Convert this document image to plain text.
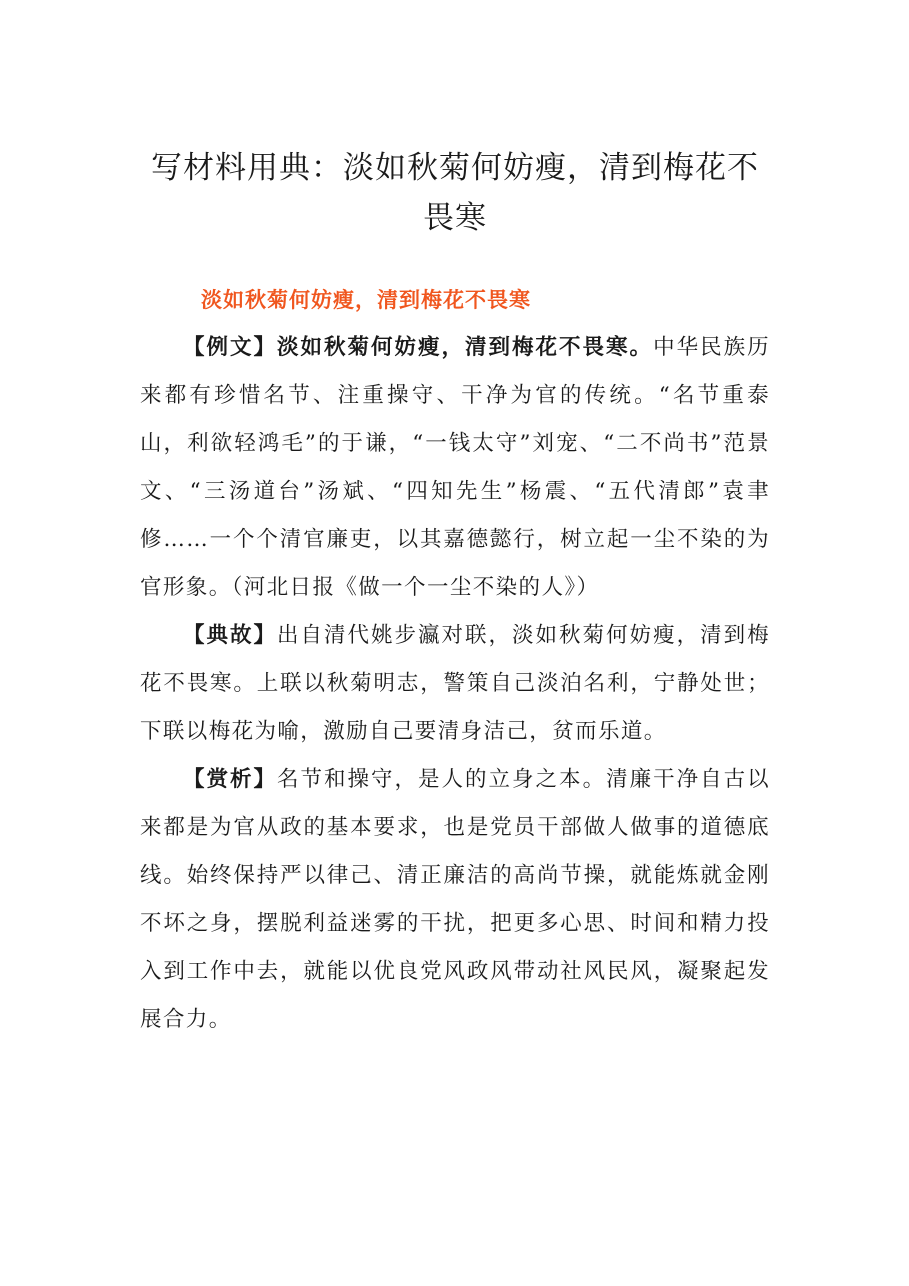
写材料用典：淡如秋菊何妨瘦，清到梅花不畏寒
淡如秋菊何妨瘦，清到梅花不畏寒

【例文】淡如秋菊何妨瘦，清到梅花不畏寒。中华民族历来都有珍惜名节、注重操守、干净为官的传统。“名节重泰山，利欲轻鸿毛”的于谦，“一钱太守”刘宠、“二不尚书”范景文、“三汤道台”汤斌、“四知先生”杨震、“五代清郎”袁聿修……一个个清官廉吏，以其嘉德懿行，树立起一尘不染的为官形象。（河北日报《做一个一尘不染的人》）

【典故】出自清代姚步瀛对联，淡如秋菊何妨瘦，清到梅花不畏寒。上联以秋菊明志，警策自己淡泊名利，宁静处世；下联以梅花为喻，激励自己要清身洁己，贫而乐道。

【赏析】名节和操守，是人的立身之本。清廉干净自古以来都是为官从政的基本要求，也是党员干部做人做事的道德底线。始终保持严以律己、清正廉洁的高尚节操，就能炼就金刚不坏之身，摆脱利益迷雾的干扰，把更多心思、时间和精力投入到工作中去，就能以优良党风政风带动社风民风，凝聚起发展合力。
